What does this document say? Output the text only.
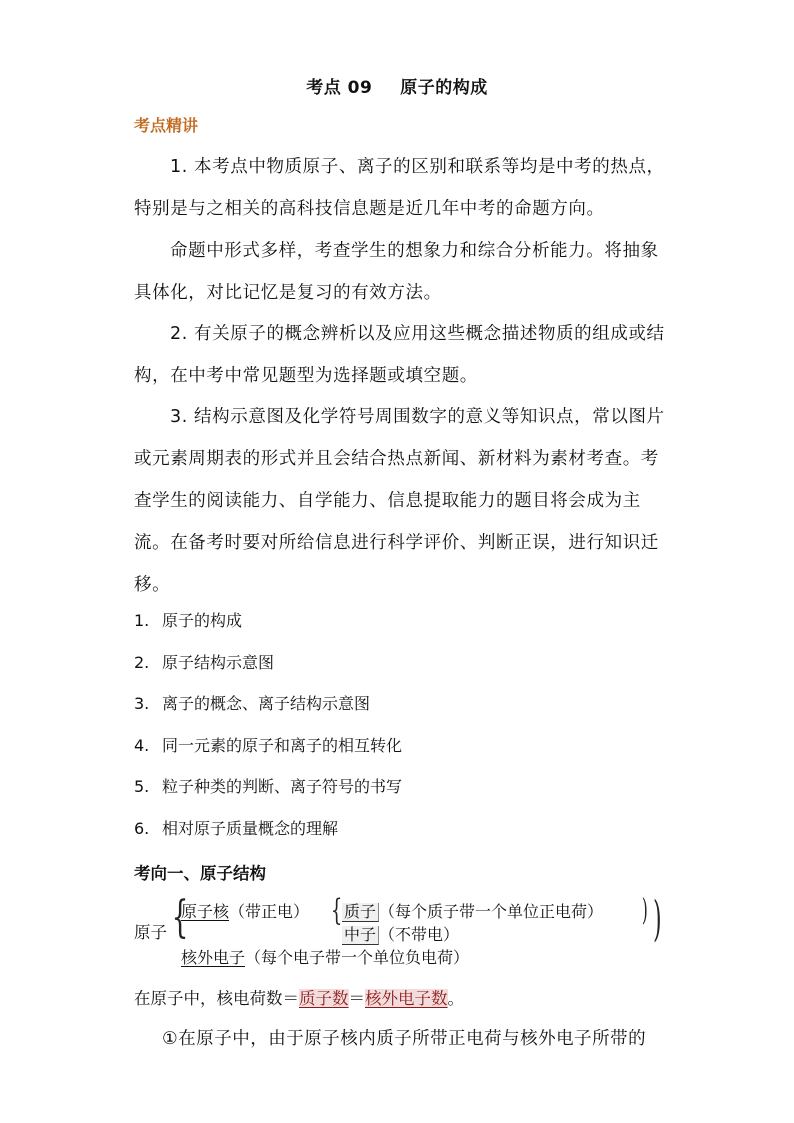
考点 09 原子的构成
考点精讲
1. 本考点中物质原子、离子的区别和联系等均是中考的热点，特别是与之相关的高科技信息题是近几年中考的命题方向。
命题中形式多样，考查学生的想象力和综合分析能力。将抽象具体化，对比记忆是复习的有效方法。
2. 有关原子的概念辨析以及应用这些概念描述物质的组成或结构，在中考中常见题型为选择题或填空题。
3. 结构示意图及化学符号周围数字的意义等知识点，常以图片或元素周期表的形式并且会结合热点新闻、新材料为素材考查。考查学生的阅读能力、自学能力、信息提取能力的题目将会成为主流。在备考时要对所给信息进行科学评价、判断正误，进行知识迁移。
1. 原子的构成
2. 原子结构示意图
3. 离子的概念、离子结构示意图
4. 同一元素的原子和离子的相互转化
5. 粒子种类的判断、离子符号的书写
6. 相对原子质量概念的理解
考向一、原子结构
原子 {
原子核（带正电） { 质子 （每个质子带一个单位正电荷）
中子 （不带电）
) )
核外电子（每个电子带一个单位负电荷）
在原子中，核电荷数＝质子数＝核外电子数。
①在原子中，由于原子核内质子所带正电荷与核外电子所带的
